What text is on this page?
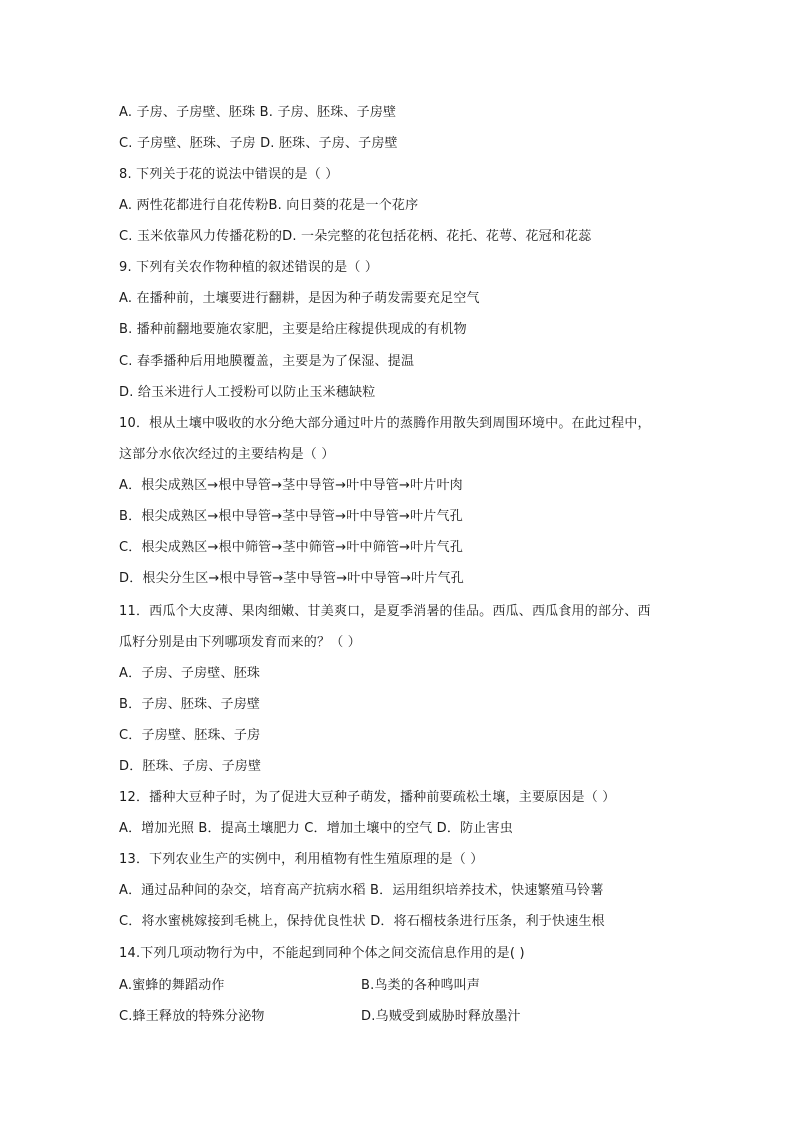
A. 子房、子房壁、胚珠 B. 子房、胚珠、子房壁
C. 子房壁、胚珠、子房 D. 胚珠、子房、子房壁
8. 下列关于花的说法中错误的是（ ）
A. 两性花都进行自花传粉B. 向日葵的花是一个花序
C. 玉米依靠风力传播花粉的D. 一朵完整的花包括花柄、花托、花萼、花冠和花蕊
9. 下列有关农作物种植的叙述错误的是（ ）
A. 在播种前，土壤要进行翻耕，是因为种子萌发需要充足空气
B. 播种前翻地要施农家肥，主要是给庄稼提供现成的有机物
C. 春季播种后用地膜覆盖，主要是为了保湿、提温
D. 给玉米进行人工授粉可以防止玉米穗缺粒
10．根从土壤中吸收的水分绝大部分通过叶片的蒸腾作用散失到周围环境中。在此过程中，
这部分水依次经过的主要结构是（ ）
A．根尖成熟区→根中导管→茎中导管→叶中导管→叶片叶肉
B．根尖成熟区→根中导管→茎中导管→叶中导管→叶片气孔
C．根尖成熟区→根中筛管→茎中筛管→叶中筛管→叶片气孔
D．根尖分生区→根中导管→茎中导管→叶中导管→叶片气孔
11．西瓜个大皮薄、果肉细嫩、甘美爽口，是夏季消暑的佳品。西瓜、西瓜食用的部分、西
瓜籽分别是由下列哪项发育而来的？（ ）
A．子房、子房壁、胚珠
B．子房、胚珠、子房壁
C．子房壁、胚珠、子房
D．胚珠、子房、子房壁
12．播种大豆种子时，为了促进大豆种子萌发，播种前要疏松土壤，主要原因是（ ）
A．增加光照 B．提高土壤肥力 C．增加土壤中的空气 D．防止害虫
13．下列农业生产的实例中，利用植物有性生殖原理的是（ ）
A．通过品种间的杂交，培育高产抗病水稻 B．运用组织培养技术，快速繁殖马铃薯
C．将水蜜桃嫁接到毛桃上，保持优良性状 D．将石榴枝条进行压条，利于快速生根
14.下列几项动物行为中，不能起到同种个体之间交流信息作用的是( )
A.蜜蜂的舞蹈动作	B.鸟类的各种鸣叫声
C.蜂王释放的特殊分泌物	D.乌贼受到威胁时释放墨汁
